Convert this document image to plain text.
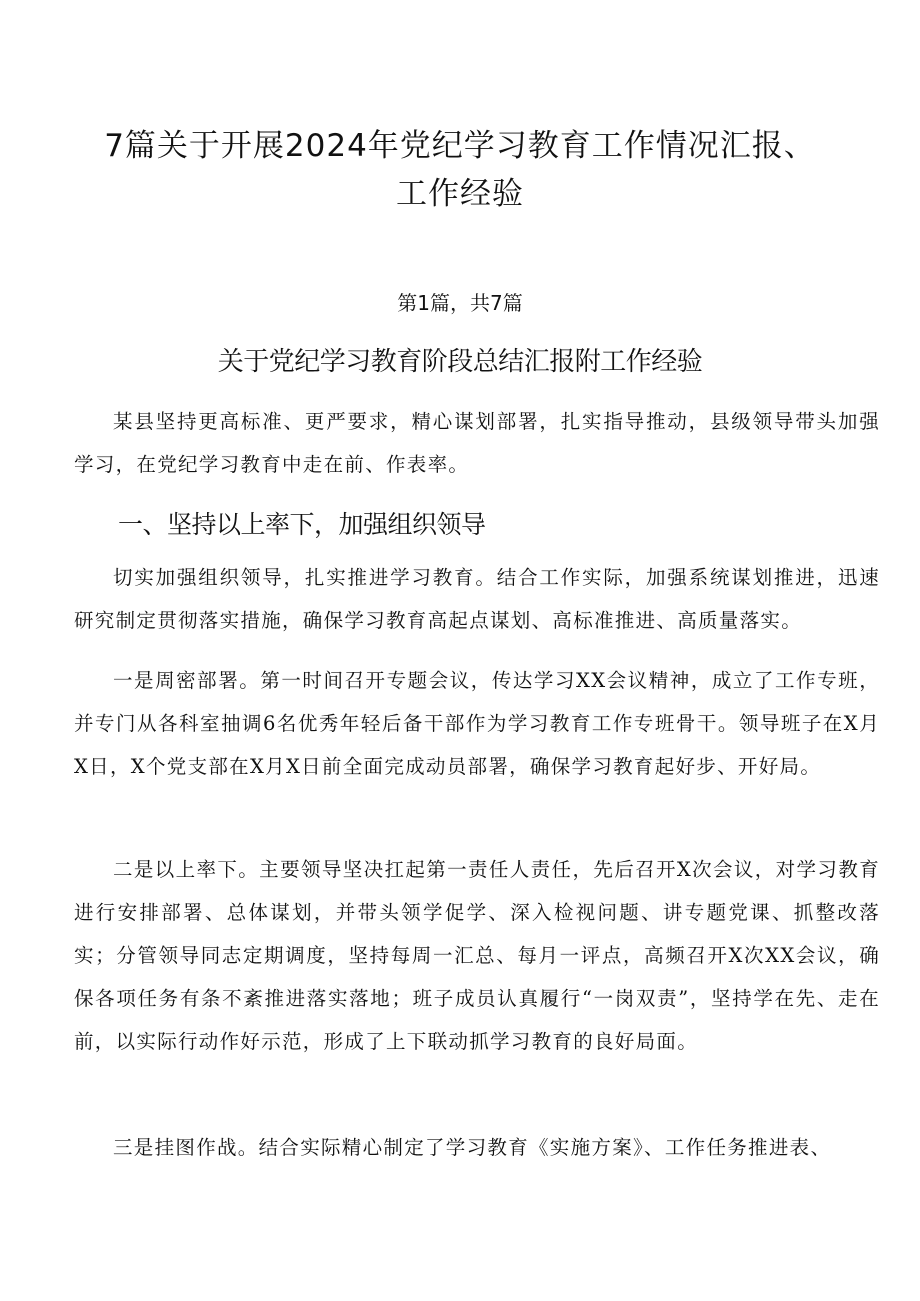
7篇关于开展2024年党纪学习教育工作情况汇报、
工作经验
第1篇，共7篇
关于党纪学习教育阶段总结汇报附工作经验

某县坚持更高标准、更严要求，精心谋划部署，扎实指导推动，县级领导带头加强学习，在党纪学习教育中走在前、作表率。

一、坚持以上率下，加强组织领导

切实加强组织领导，扎实推进学习教育。结合工作实际，加强系统谋划推进，迅速研究制定贯彻落实措施，确保学习教育高起点谋划、高标准推进、高质量落实。

一是周密部署。第一时间召开专题会议，传达学习XX会议精神，成立了工作专班，并专门从各科室抽调6名优秀年轻后备干部作为学习教育工作专班骨干。领导班子在X月X日，X个党支部在X月X日前全面完成动员部署，确保学习教育起好步、开好局。

二是以上率下。主要领导坚决扛起第一责任人责任，先后召开X次会议，对学习教育进行安排部署、总体谋划，并带头领学促学、深入检视问题、讲专题党课、抓整改落实；分管领导同志定期调度，坚持每周一汇总、每月一评点，高频召开X次XX会议，确保各项任务有条不紊推进落实落地；班子成员认真履行“一岗双责”，坚持学在先、走在前，以实际行动作好示范，形成了上下联动抓学习教育的良好局面。

三是挂图作战。结合实际精心制定了学习教育《实施方案》、工作任务推进表、
